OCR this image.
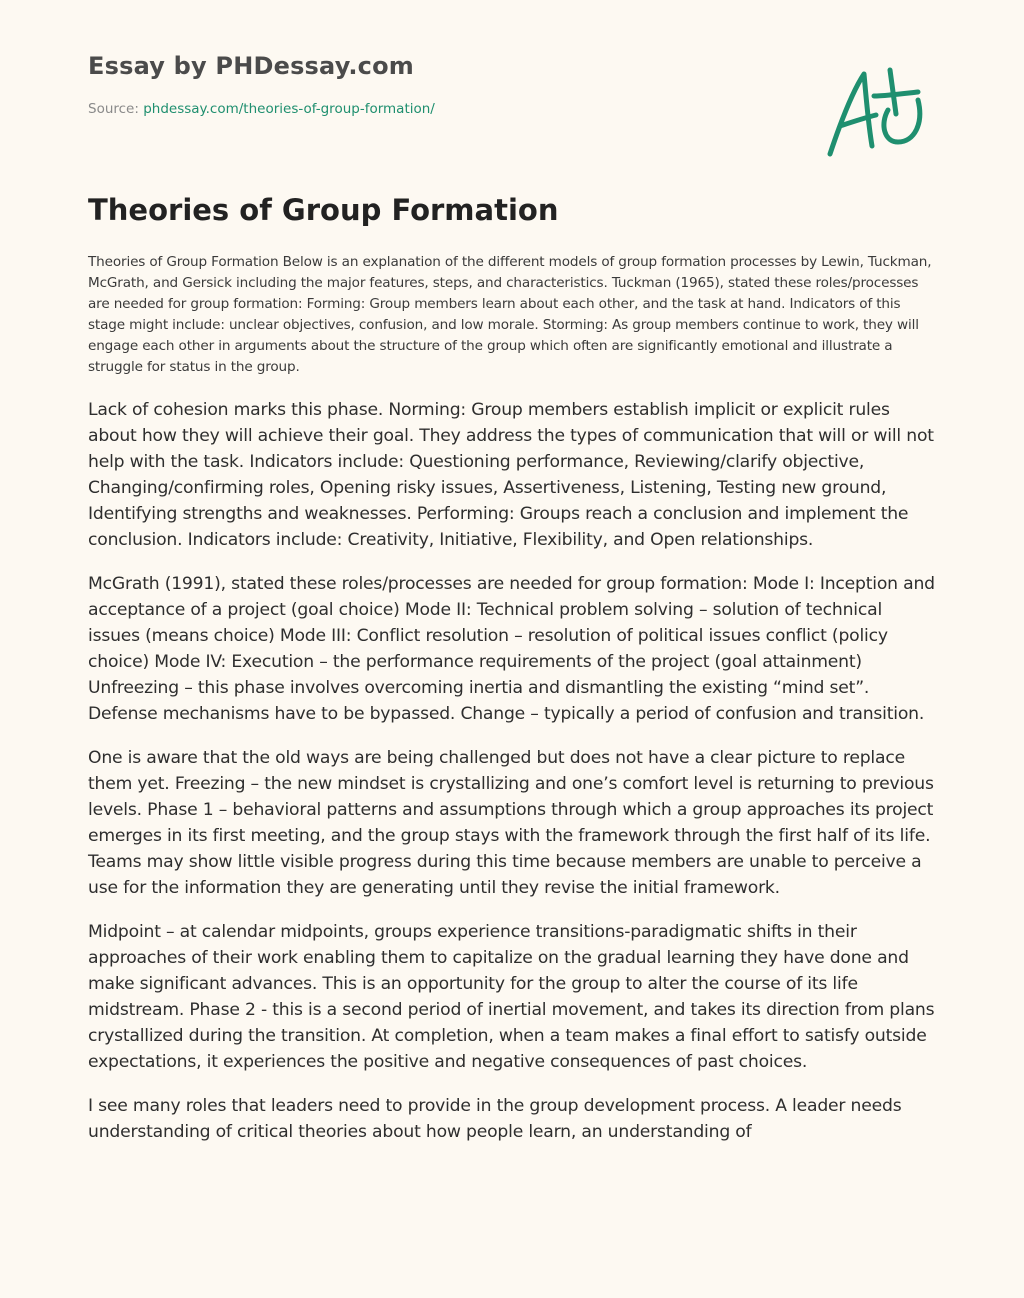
Essay by PHDessay.com
Source: phdessay.com/theories-of-group-formation/
Theories of Group Formation

Theories of Group Formation Below is an explanation of the different models of group formation processes by Lewin, Tuckman, McGrath, and Gersick including the major features, steps, and characteristics. Tuckman (1965), stated these roles/processes are needed for group formation: Forming: Group members learn about each other, and the task at hand. Indicators of this stage might include: unclear objectives, confusion, and low morale. Storming: As group members continue to work, they will engage each other in arguments about the structure of the group which often are significantly emotional and illustrate a struggle for status in the group.

Lack of cohesion marks this phase. Norming: Group members establish implicit or explicit rules about how they will achieve their goal. They address the types of communication that will or will not help with the task. Indicators include: Questioning performance, Reviewing/clarify objective, Changing/confirming roles, Opening risky issues, Assertiveness, Listening, Testing new ground, Identifying strengths and weaknesses. Performing: Groups reach a conclusion and implement the conclusion. Indicators include: Creativity, Initiative, Flexibility, and Open relationships.

McGrath (1991), stated these roles/processes are needed for group formation: Mode I: Inception and acceptance of a project (goal choice) Mode II: Technical problem solving – solution of technical issues (means choice) Mode III: Conflict resolution – resolution of political issues conflict (policy choice) Mode IV: Execution – the performance requirements of the project (goal attainment) Unfreezing – this phase involves overcoming inertia and dismantling the existing “mind set”. Defense mechanisms have to be bypassed. Change – typically a period of confusion and transition.

One is aware that the old ways are being challenged but does not have a clear picture to replace them yet. Freezing – the new mindset is crystallizing and one’s comfort level is returning to previous levels. Phase 1 – behavioral patterns and assumptions through which a group approaches its project emerges in its first meeting, and the group stays with the framework through the first half of its life. Teams may show little visible progress during this time because members are unable to perceive a use for the information they are generating until they revise the initial framework.

Midpoint – at calendar midpoints, groups experience transitions-paradigmatic shifts in their approaches of their work enabling them to capitalize on the gradual learning they have done and make significant advances. This is an opportunity for the group to alter the course of its life midstream. Phase 2 - this is a second period of inertial movement, and takes its direction from plans crystallized during the transition. At completion, when a team makes a final effort to satisfy outside expectations, it experiences the positive and negative consequences of past choices.

I see many roles that leaders need to provide in the group development process. A leader needs understanding of critical theories about how people learn, an understanding of
